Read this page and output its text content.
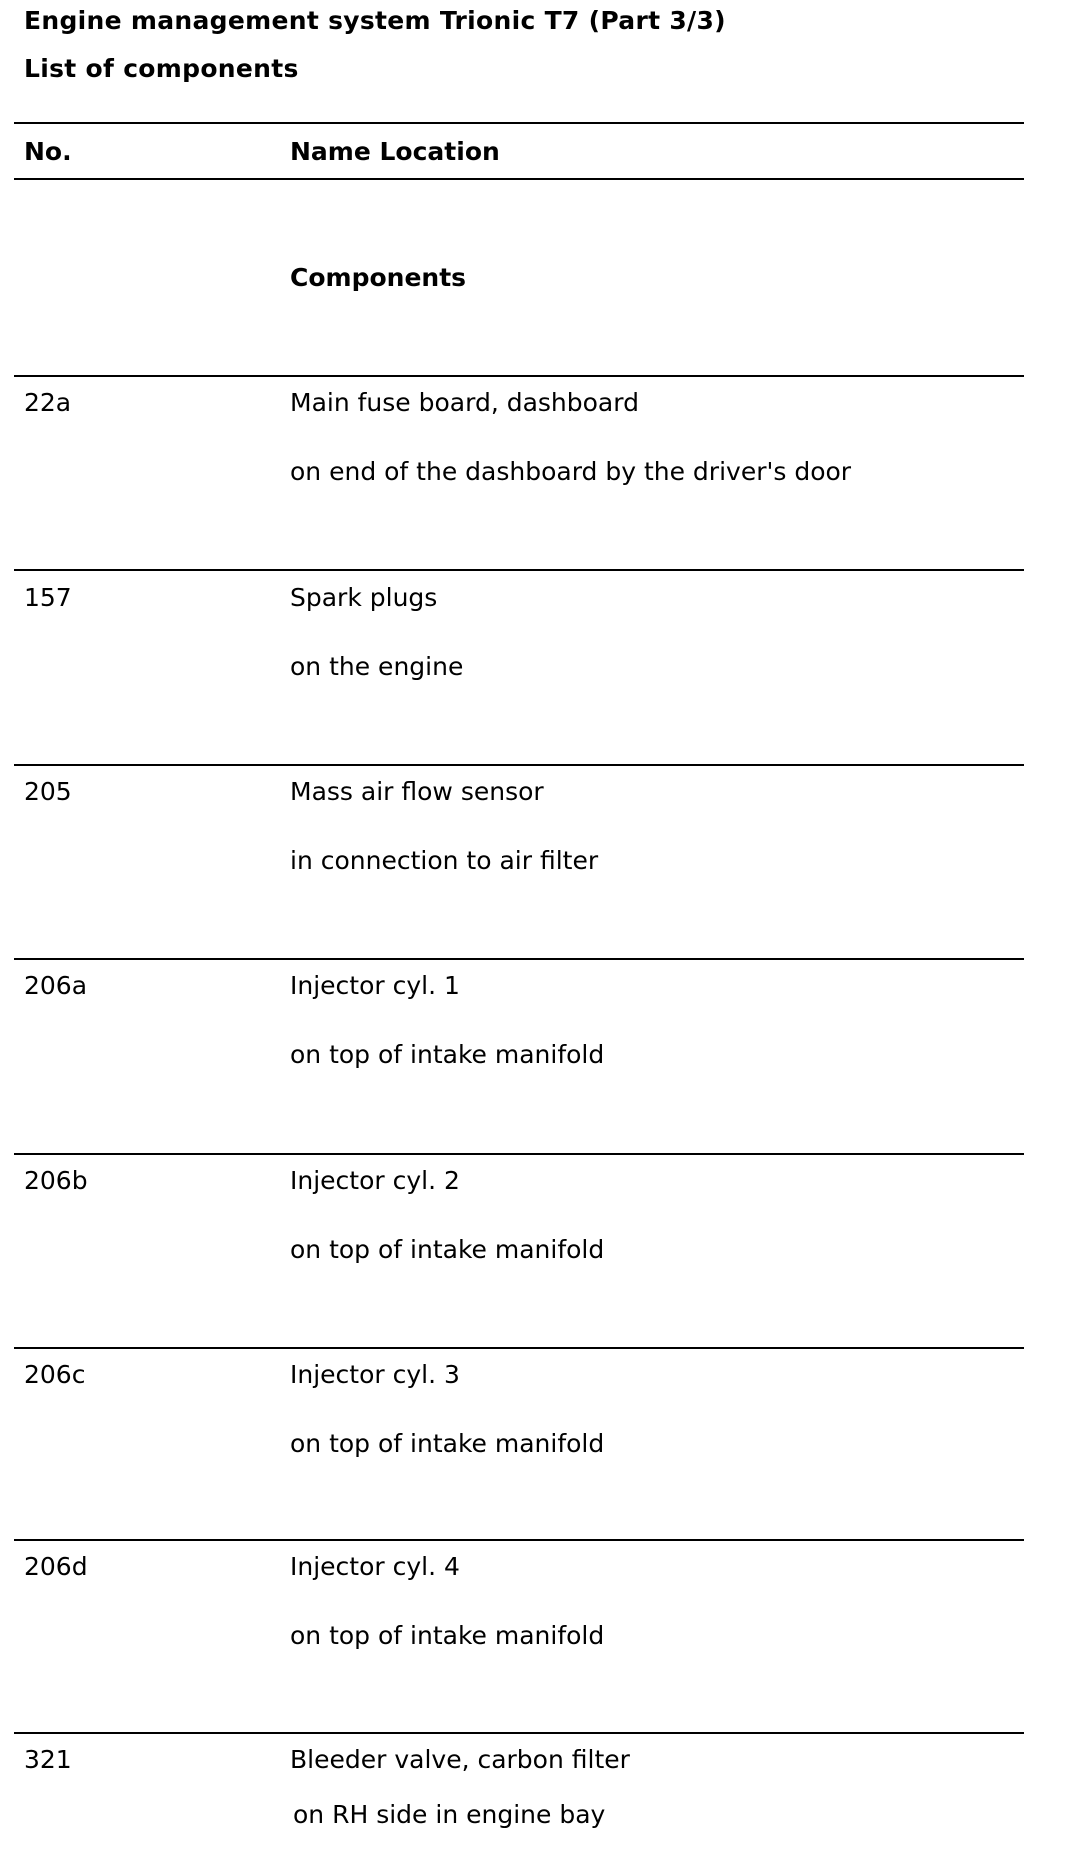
Engine management system Trionic T7 (Part 3/3)
List of components
No.	Name Location
Components
22a	Main fuse board, dashboard
on end of the dashboard by the driver's door
157	Spark plugs
on the engine
205	Mass air flow sensor
in connection to air filter
206a	Injector cyl. 1
on top of intake manifold
206b	Injector cyl. 2
on top of intake manifold
206c	Injector cyl. 3
on top of intake manifold
206d	Injector cyl. 4
on top of intake manifold
321	Bleeder valve, carbon filter
on RH side in engine bay
